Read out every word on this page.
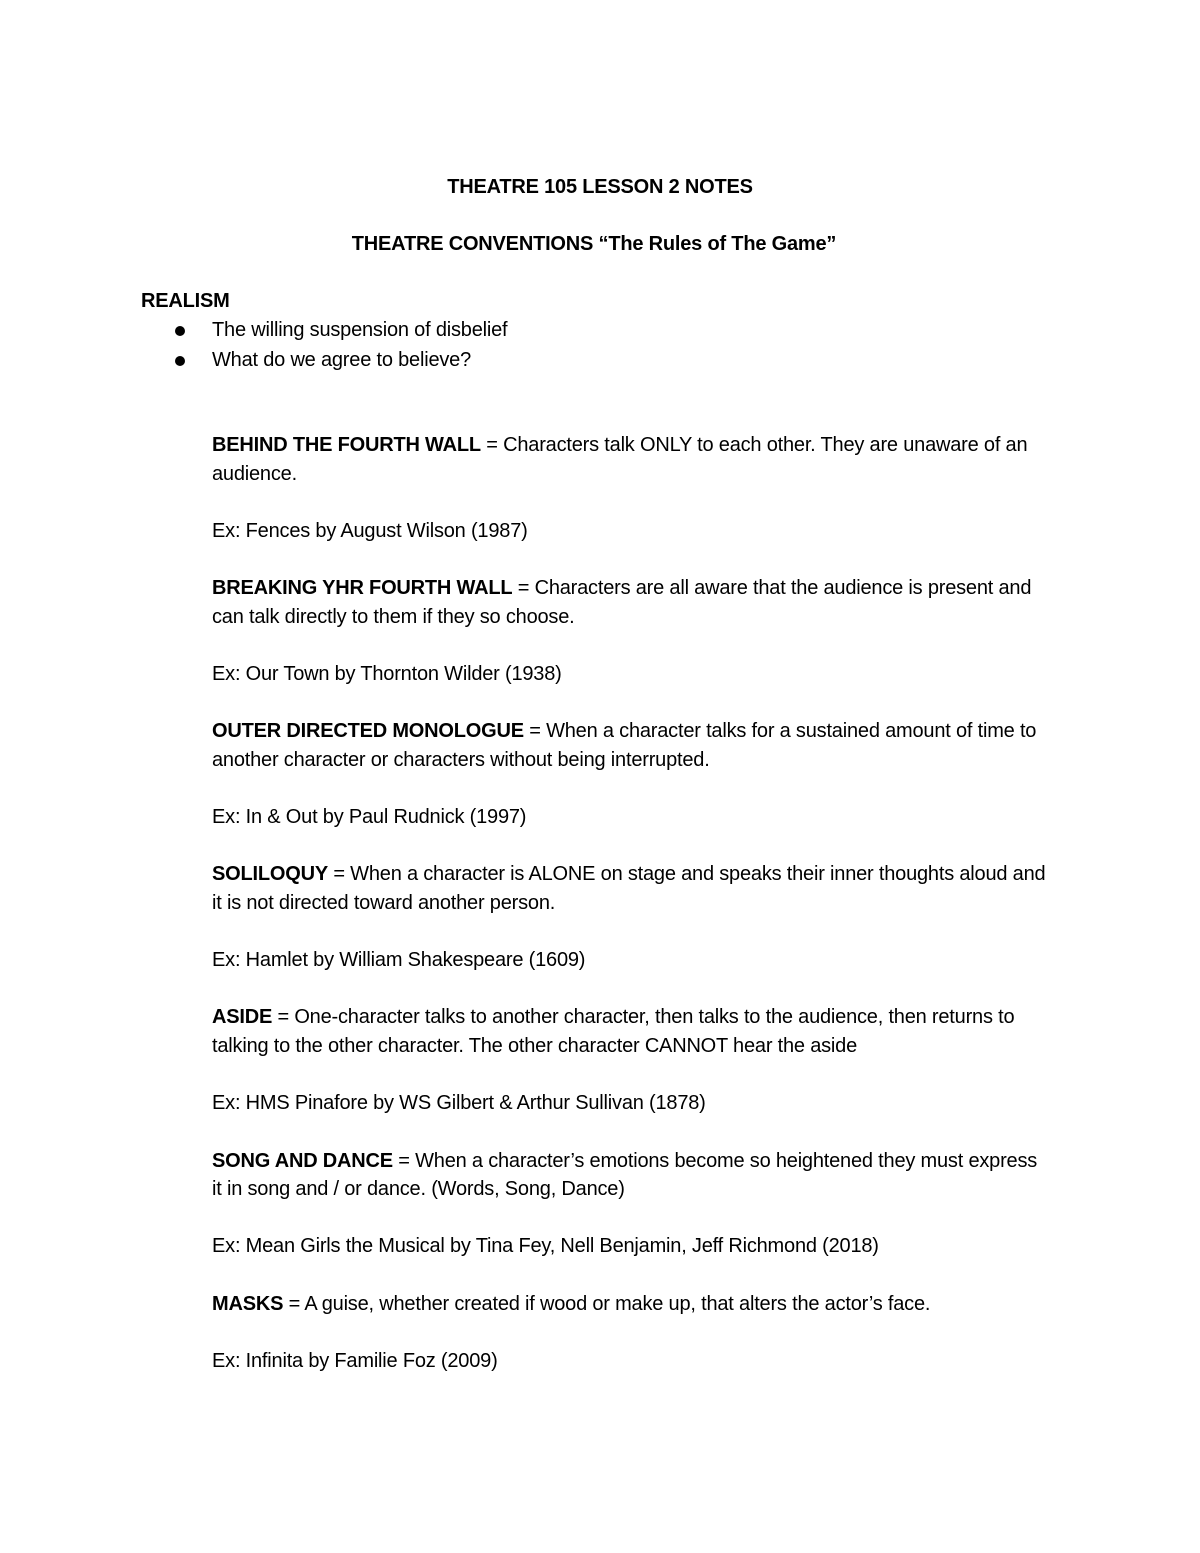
THEATRE 105 LESSON 2 NOTES
THEATRE CONVENTIONS “The Rules of The Game”
REALISM
The willing suspension of disbelief
What do we agree to believe?

BEHIND THE FOURTH WALL = Characters talk ONLY to each other. They are unaware of an audience.

Ex: Fences by August Wilson (1987)

BREAKING YHR FOURTH WALL = Characters are all aware that the audience is present and can talk directly to them if they so choose.

Ex: Our Town by Thornton Wilder (1938)

OUTER DIRECTED MONOLOGUE = When a character talks for a sustained amount of time to another character or characters without being interrupted.

Ex: In & Out by Paul Rudnick (1997)

SOLILOQUY = When a character is ALONE on stage and speaks their inner thoughts aloud and it is not directed toward another person.

Ex: Hamlet by William Shakespeare (1609)

ASIDE = One-character talks to another character, then talks to the audience, then returns to talking to the other character. The other character CANNOT hear the aside

Ex: HMS Pinafore by WS Gilbert & Arthur Sullivan (1878)

SONG AND DANCE = When a character’s emotions become so heightened they must express it in song and / or dance. (Words, Song, Dance)

Ex: Mean Girls the Musical by Tina Fey, Nell Benjamin, Jeff Richmond (2018)

MASKS = A guise, whether created if wood or make up, that alters the actor’s face.

Ex: Infinita by Familie Foz (2009)
